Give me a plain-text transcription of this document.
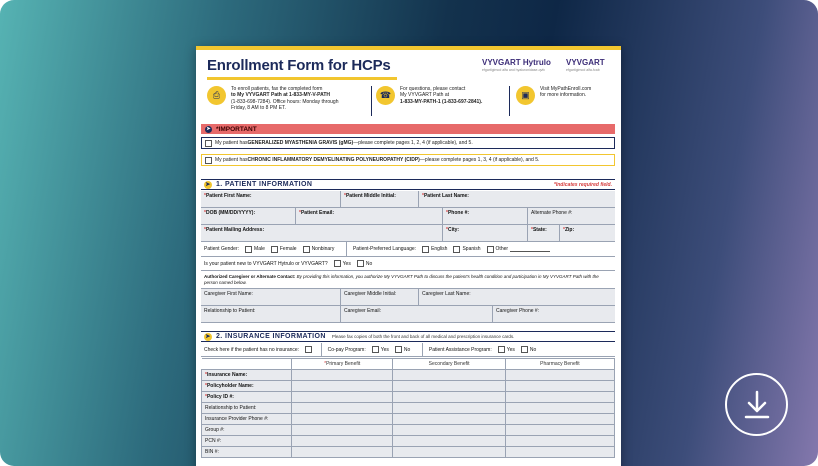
Enrollment Form for HCPs	VYVGART Hytrulo
efgartigimod alfa and hyaluronidase-qvfc
VYVGART
efgartigimod alfa-fcab
⎙
To enroll patients, fax the completed form
to My VYVGART Path at 1-833-MY-V-PATH
(1-833-698-7284). Office hours: Monday through
Friday, 8 AM to 8 PM ET.
☎
For questions, please contact
My VYVGART Path at
1-833-MY-PATH-1 (1-833-697-2841).
▣
Visit MyPathEnroll.com
for more information.
➤ *IMPORTANT
My patient has GENERALIZED MYASTHENIA GRAVIS (gMG) —please complete pages 1, 2, 4 (if applicable), and 5.
My patient has CHRONIC INFLAMMATORY DEMYELINATING POLYNEUROPATHY (CIDP) —please complete pages 1, 3, 4 (if applicable), and 5.
➤ 1. PATIENT INFORMATION	*Indicates required field.
*Patient First Name:	*Patient Middle Initial:	*Patient Last Name:
*DOB (MM/DD/YYYY):	*Patient Email:	*Phone #:	Alternate Phone #:
*Patient Mailing Address:	*City:	*State:	*Zip:
Patient Gender:	Male	Female	Nonbinary	Patient-Preferred Language:	English	Spanish	Other
Is your patient new to VYVGART Hytrulo or VYVGART?	Yes	No
Authorized Caregiver or Alternate Contact: By providing this information, you authorize My VYVGART Path to discuss the patient's health condition and participation in My VYVGART Path with the person named below.
Caregiver First Name:	Caregiver Middle Initial:	Caregiver Last Name:
Relationship to Patient:	Caregiver Email:	Caregiver Phone #:
➤ 2. INSURANCE INFORMATION Please fax copies of both the front and back of all medical and prescription insurance cards.
Check here if the patient has no insurance:	Co-pay Program:	Yes	No	Patient Assistance Program:	Yes	No
	*Primary Benefit	Secondary Benefit	Pharmacy Benefit
*Insurance Name:			
*Policyholder Name:			
*Policy ID #:			
Relationship to Patient:			
Insurance Provider Phone #:			
Group #:			
PCN #:			
BIN #:			
